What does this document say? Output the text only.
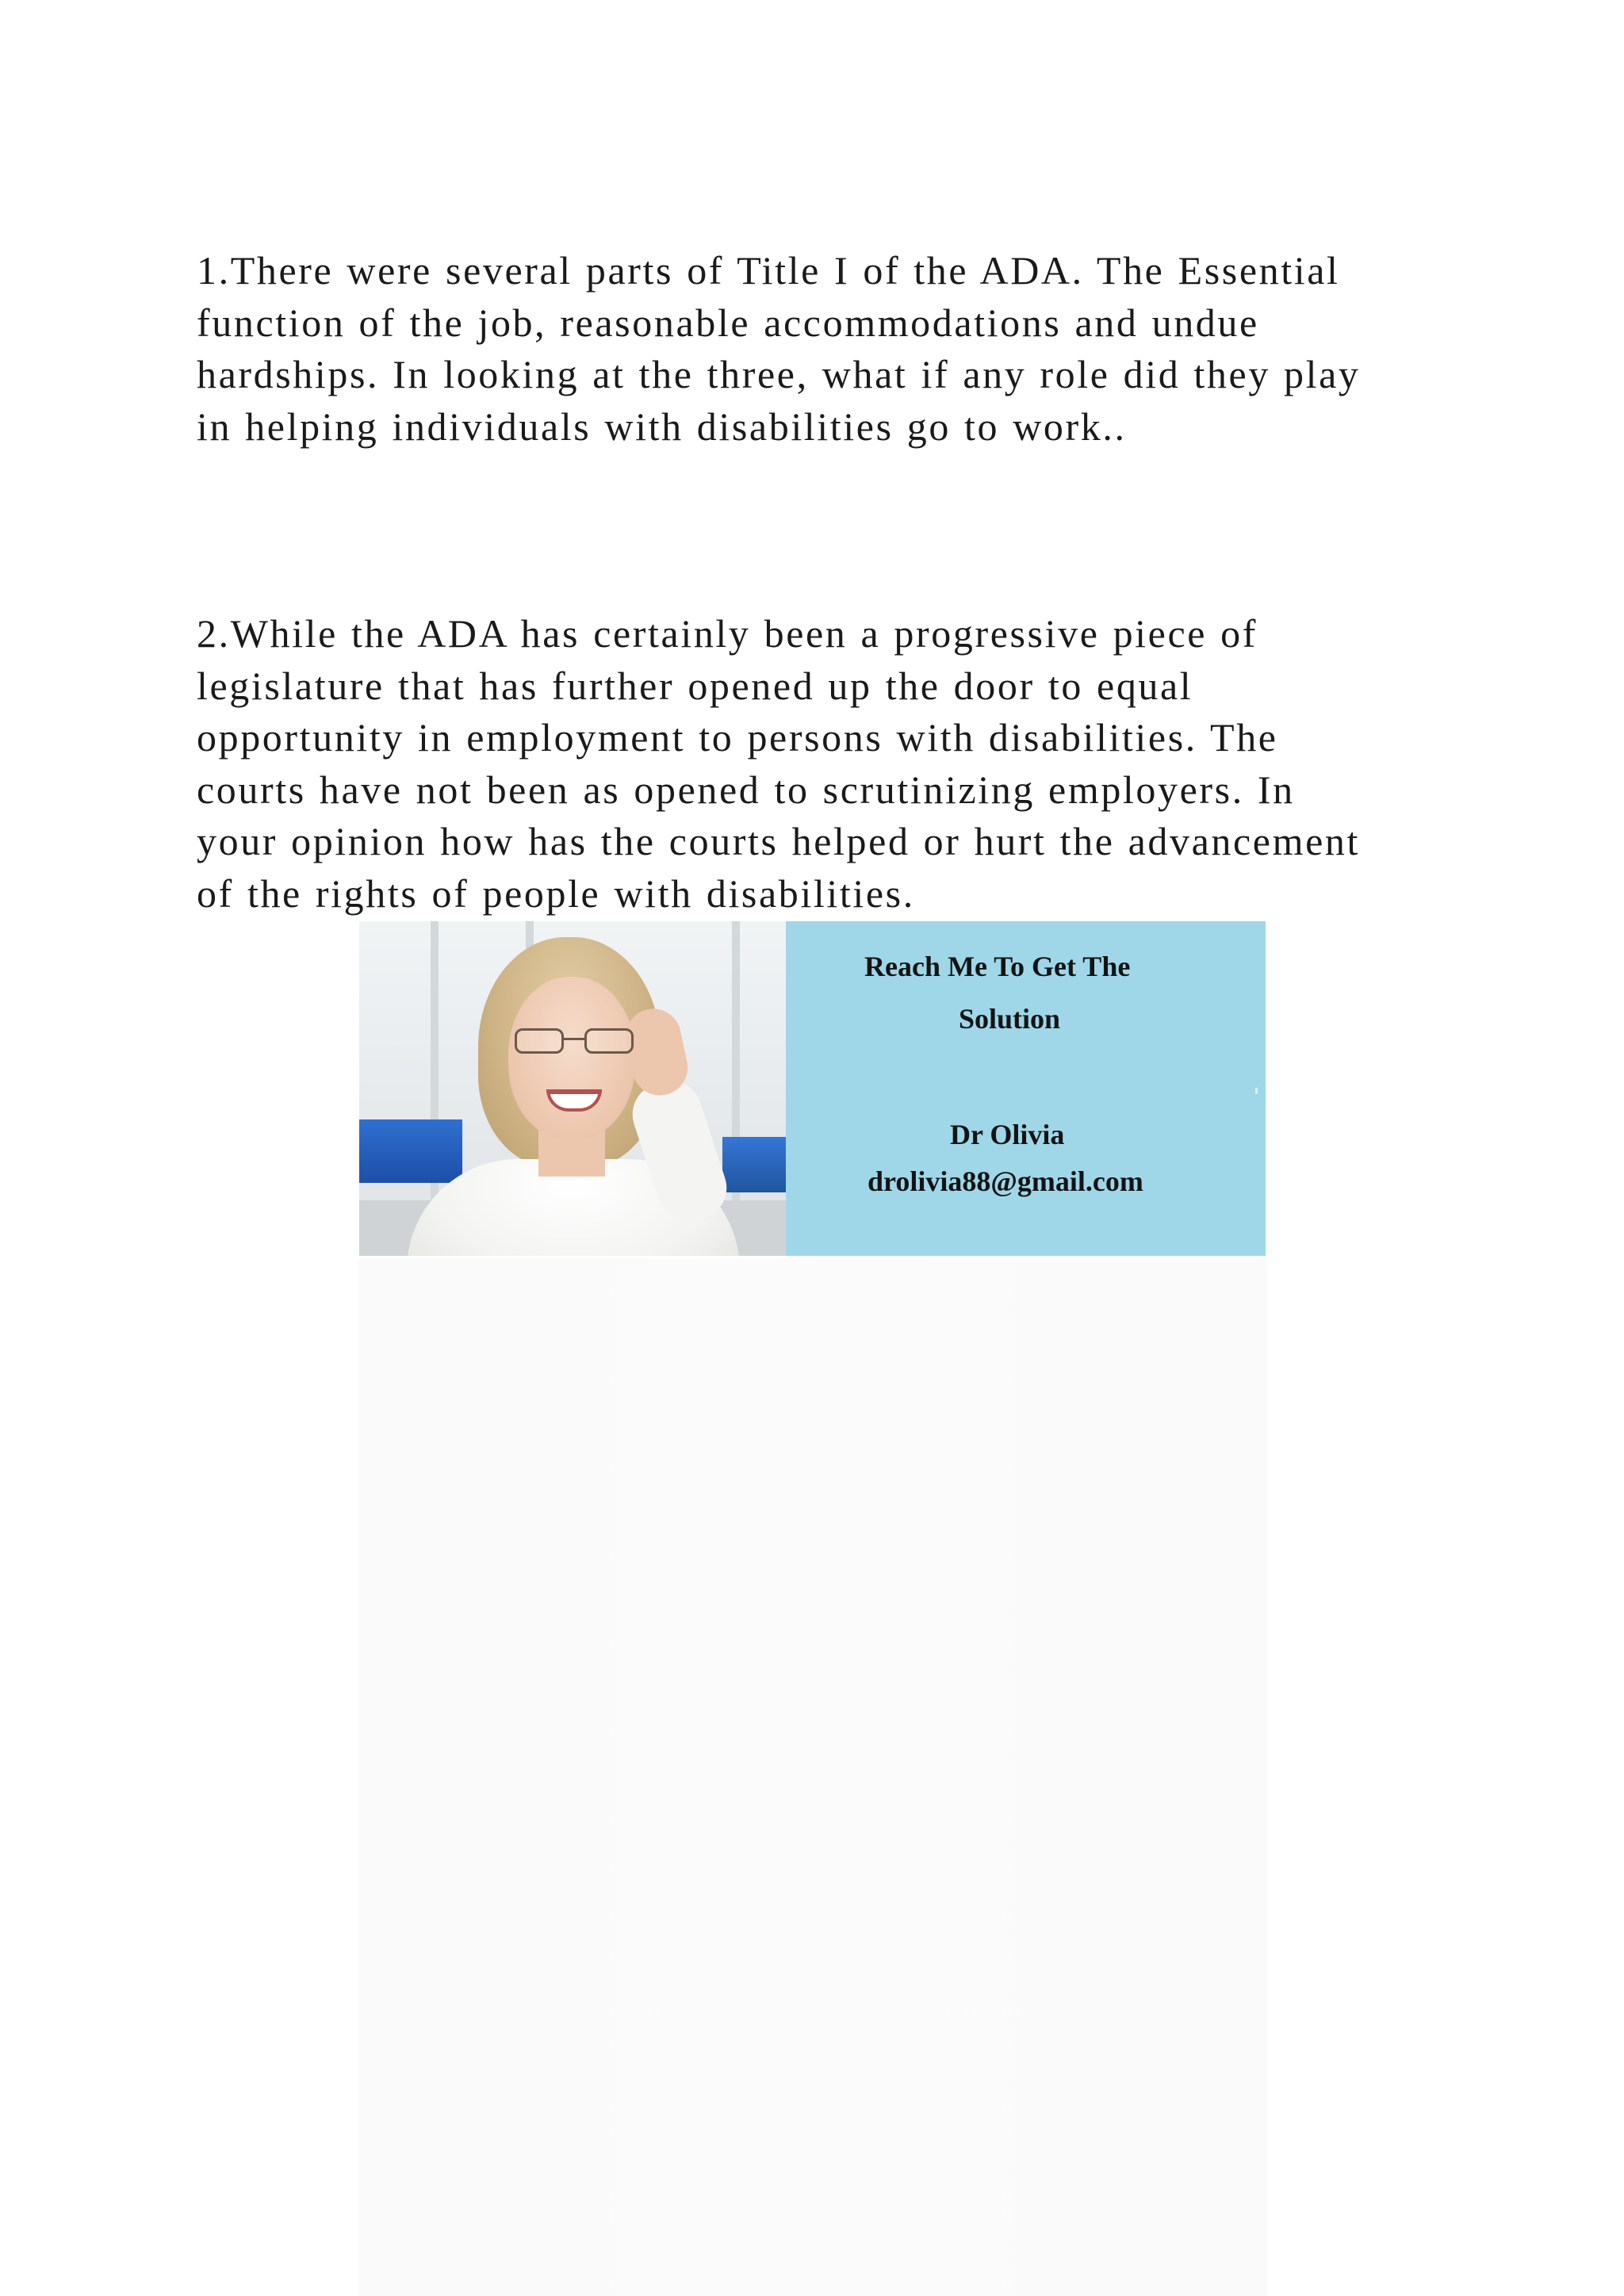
1.There were several parts of Title I of the ADA. The Essential
function of the job, reasonable accommodations and undue
hardships. In looking at the three, what if any role did they play
in helping individuals with disabilities go to work..

2.While the ADA has certainly been a progressive piece of
legislature that has further opened up the door to equal
opportunity in employment to persons with disabilities. The
courts have not been as opened to scrutinizing employers. In
your opinion how has the courts helped or hurt the advancement
of the rights of people with disabilities.

Reach Me To Get The
Solution
Dr Olivia
drolivia88@gmail.com
